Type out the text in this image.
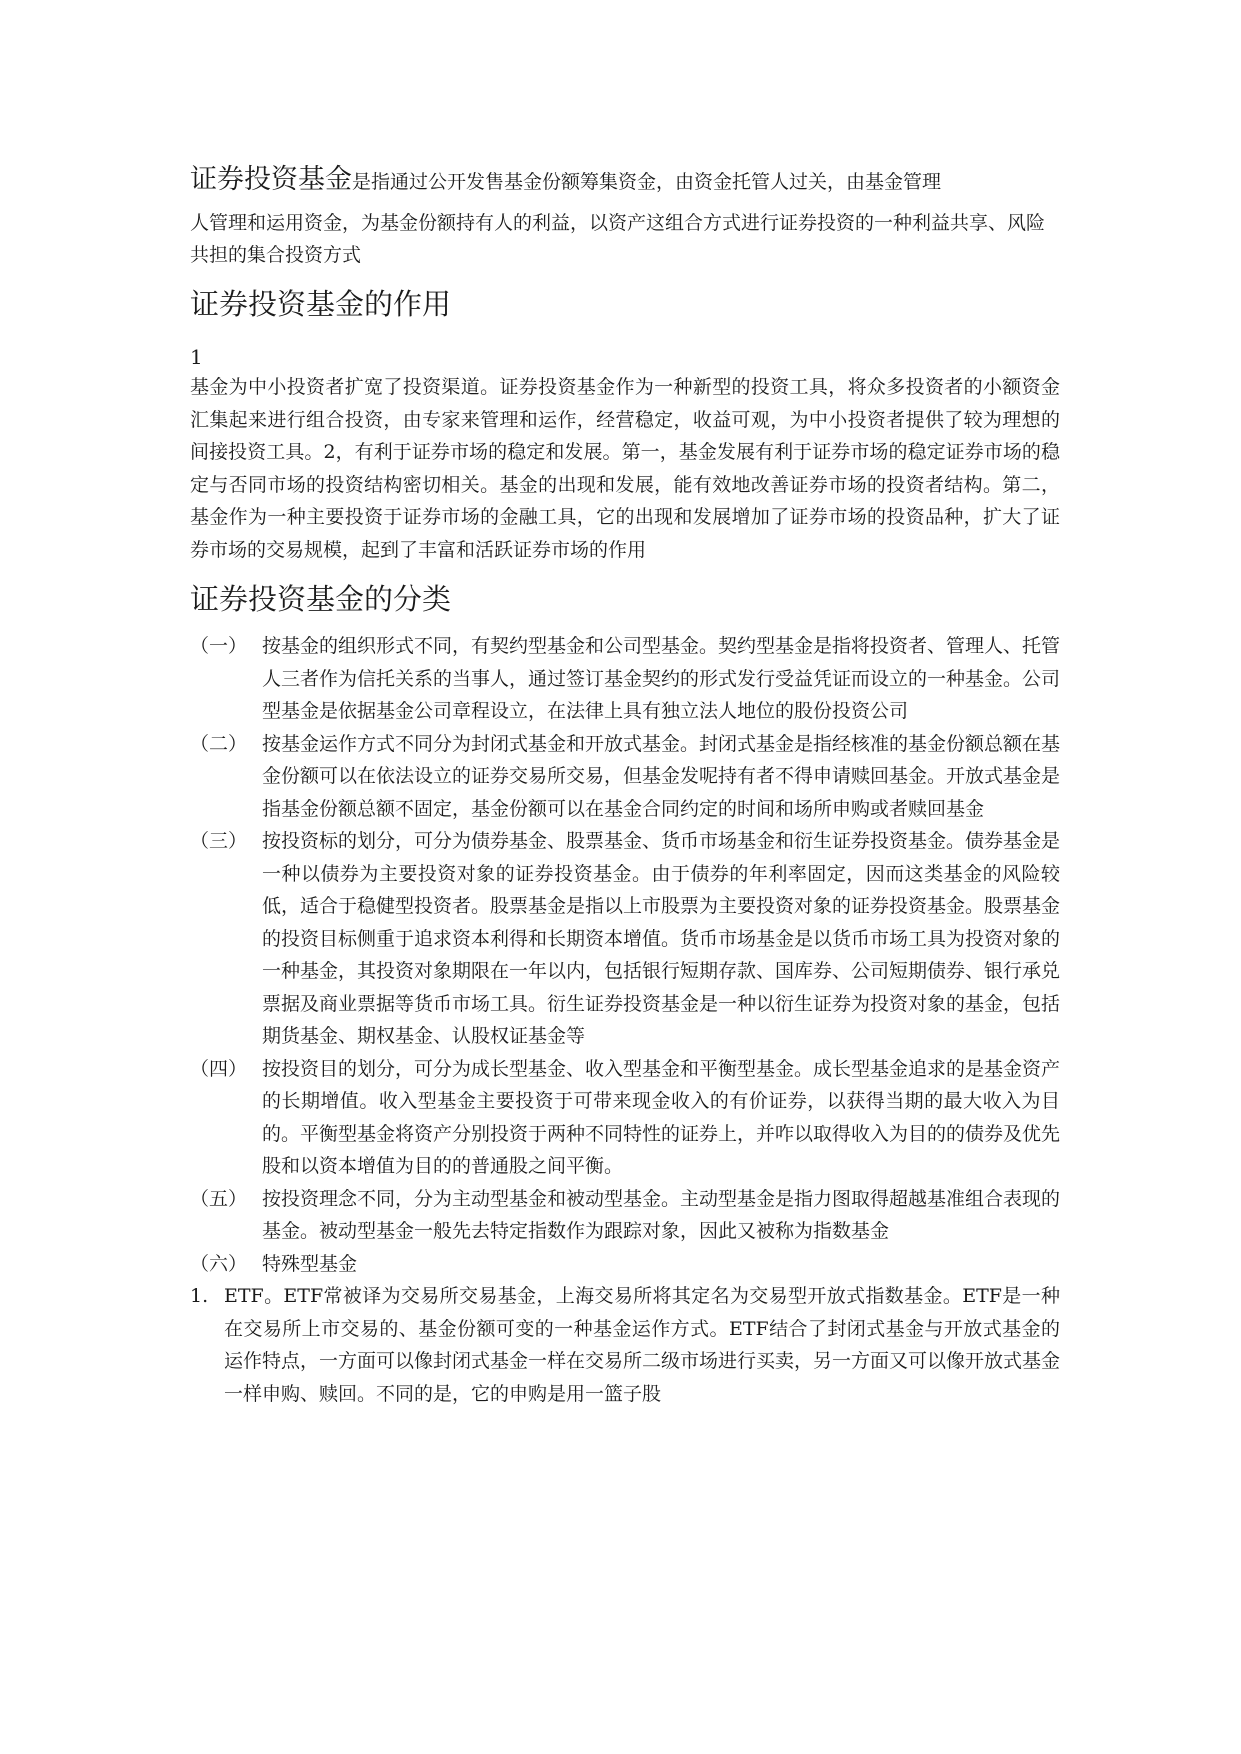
证券投资基金是指通过公开发售基金份额筹集资金，由资金托管人过关，由基金管理
人管理和运用资金，为基金份额持有人的利益，以资产这组合方式进行证券投资的一种利益共享、风险共担的集合投资方式

证券投资基金的作用
1

基金为中小投资者扩宽了投资渠道。证券投资基金作为一种新型的投资工具，将众多投资者的小额资金汇集起来进行组合投资，由专家来管理和运作，经营稳定，收益可观，为中小投资者提供了较为理想的间接投资工具。2，有利于证券市场的稳定和发展。第一，基金发展有利于证券市场的稳定证券市场的稳定与否同市场的投资结构密切相关。基金的出现和发展，能有效地改善证券市场的投资者结构。第二，基金作为一种主要投资于证券市场的金融工具，它的出现和发展增加了证券市场的投资品种，扩大了证券市场的交易规模，起到了丰富和活跃证券市场的作用

证券投资基金的分类
（一） 按基金的组织形式不同，有契约型基金和公司型基金。契约型基金是指将投资者、管理人、托管人三者作为信托关系的当事人，通过签订基金契约的形式发行受益凭证而设立的一种基金。公司型基金是依据基金公司章程设立，在法律上具有独立法人地位的股份投资公司
（二） 按基金运作方式不同分为封闭式基金和开放式基金。封闭式基金是指经核准的基金份额总额在基金份额可以在依法设立的证券交易所交易，但基金发呢持有者不得申请赎回基金。开放式基金是指基金份额总额不固定，基金份额可以在基金合同约定的时间和场所申购或者赎回基金
（三） 按投资标的划分，可分为债券基金、股票基金、货币市场基金和衍生证券投资基金。债券基金是一种以债券为主要投资对象的证券投资基金。由于债券的年利率固定，因而这类基金的风险较低，适合于稳健型投资者。股票基金是指以上市股票为主要投资对象的证券投资基金。股票基金的投资目标侧重于追求资本利得和长期资本增值。货币市场基金是以货币市场工具为投资对象的一种基金，其投资对象期限在一年以内，包括银行短期存款、国库券、公司短期债券、银行承兑票据及商业票据等货币市场工具。衍生证券投资基金是一种以衍生证券为投资对象的基金，包括期货基金、期权基金、认股权证基金等
（四） 按投资目的划分，可分为成长型基金、收入型基金和平衡型基金。成长型基金追求的是基金资产的长期增值。收入型基金主要投资于可带来现金收入的有价证券，以获得当期的最大收入为目的。平衡型基金将资产分别投资于两种不同特性的证券上，并咋以取得收入为目的的债券及优先股和以资本增值为目的的普通股之间平衡。
（五） 按投资理念不同，分为主动型基金和被动型基金。主动型基金是指力图取得超越基准组合表现的基金。被动型基金一般先去特定指数作为跟踪对象，因此又被称为指数基金
（六） 特殊型基金
1. ETF。ETF常被译为交易所交易基金，上海交易所将其定名为交易型开放式指数基金。ETF是一种在交易所上市交易的、基金份额可变的一种基金运作方式。ETF结合了封闭式基金与开放式基金的运作特点，一方面可以像封闭式基金一样在交易所二级市场进行买卖，另一方面又可以像开放式基金一样申购、赎回。不同的是，它的申购是用一篮子股
